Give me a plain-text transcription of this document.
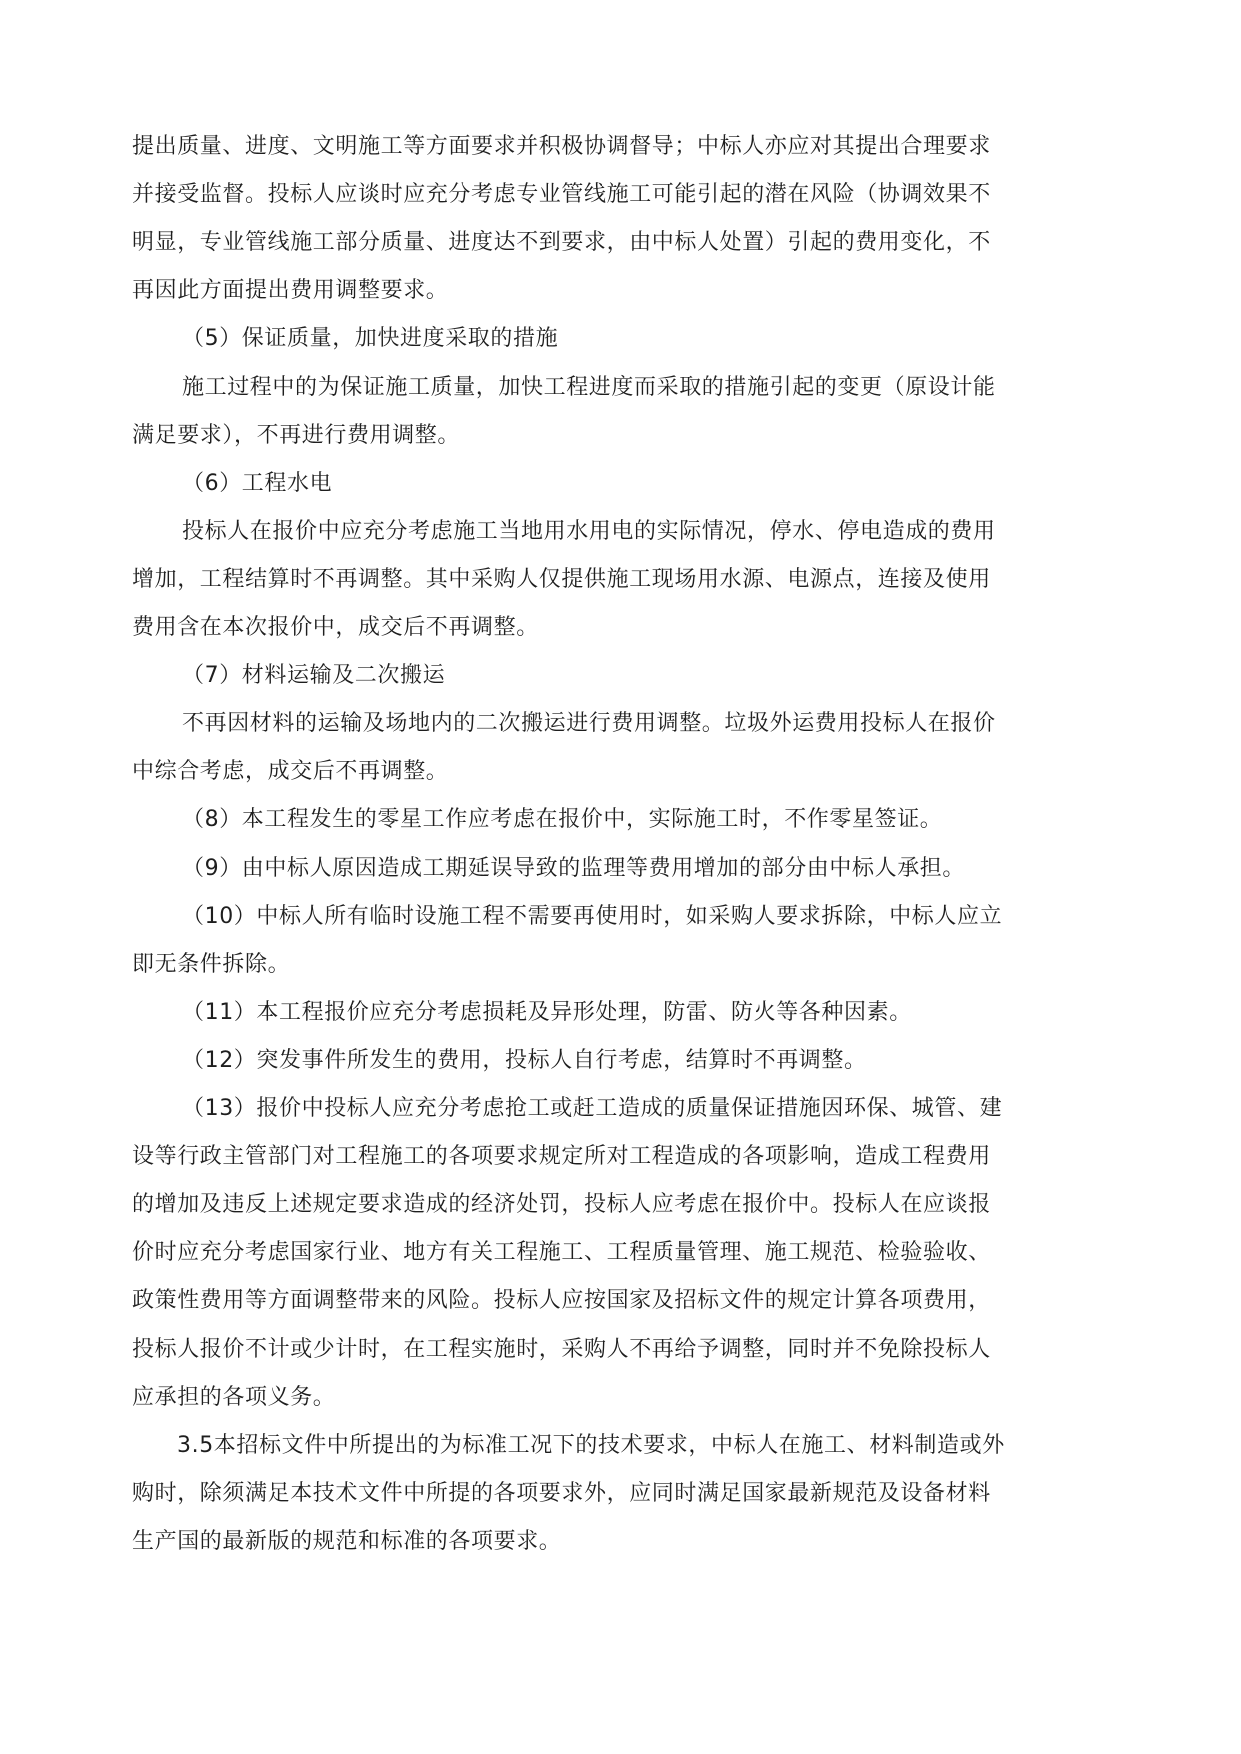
提出质量、进度、文明施工等方面要求并积极协调督导；中标人亦应对其提出合理要求

并接受监督。投标人应谈时应充分考虑专业管线施工可能引起的潜在风险（协调效果不

明显，专业管线施工部分质量、进度达不到要求，由中标人处置）引起的费用变化，不

再因此方面提出费用调整要求。

（5）保证质量，加快进度采取的措施

施工过程中的为保证施工质量，加快工程进度而采取的措施引起的变更（原设计能

满足要求），不再进行费用调整。

（6）工程水电

投标人在报价中应充分考虑施工当地用水用电的实际情况，停水、停电造成的费用

增加，工程结算时不再调整。其中采购人仅提供施工现场用水源、电源点，连接及使用

费用含在本次报价中，成交后不再调整。

（7）材料运输及二次搬运

不再因材料的运输及场地内的二次搬运进行费用调整。垃圾外运费用投标人在报价

中综合考虑，成交后不再调整。

（8）本工程发生的零星工作应考虑在报价中，实际施工时，不作零星签证。

（9）由中标人原因造成工期延误导致的监理等费用增加的部分由中标人承担。

（10）中标人所有临时设施工程不需要再使用时，如采购人要求拆除，中标人应立

即无条件拆除。

（11）本工程报价应充分考虑损耗及异形处理，防雷、防火等各种因素。

（12）突发事件所发生的费用，投标人自行考虑，结算时不再调整。

（13）报价中投标人应充分考虑抢工或赶工造成的质量保证措施因环保、城管、建

设等行政主管部门对工程施工的各项要求规定所对工程造成的各项影响，造成工程费用

的增加及违反上述规定要求造成的经济处罚，投标人应考虑在报价中。投标人在应谈报

价时应充分考虑国家行业、地方有关工程施工、工程质量管理、施工规范、检验验收、

政策性费用等方面调整带来的风险。投标人应按国家及招标文件的规定计算各项费用，

投标人报价不计或少计时，在工程实施时，采购人不再给予调整，同时并不免除投标人

应承担的各项义务。

3.5本招标文件中所提出的为标准工况下的技术要求，中标人在施工、材料制造或外

购时，除须满足本技术文件中所提的各项要求外，应同时满足国家最新规范及设备材料

生产国的最新版的规范和标准的各项要求。
